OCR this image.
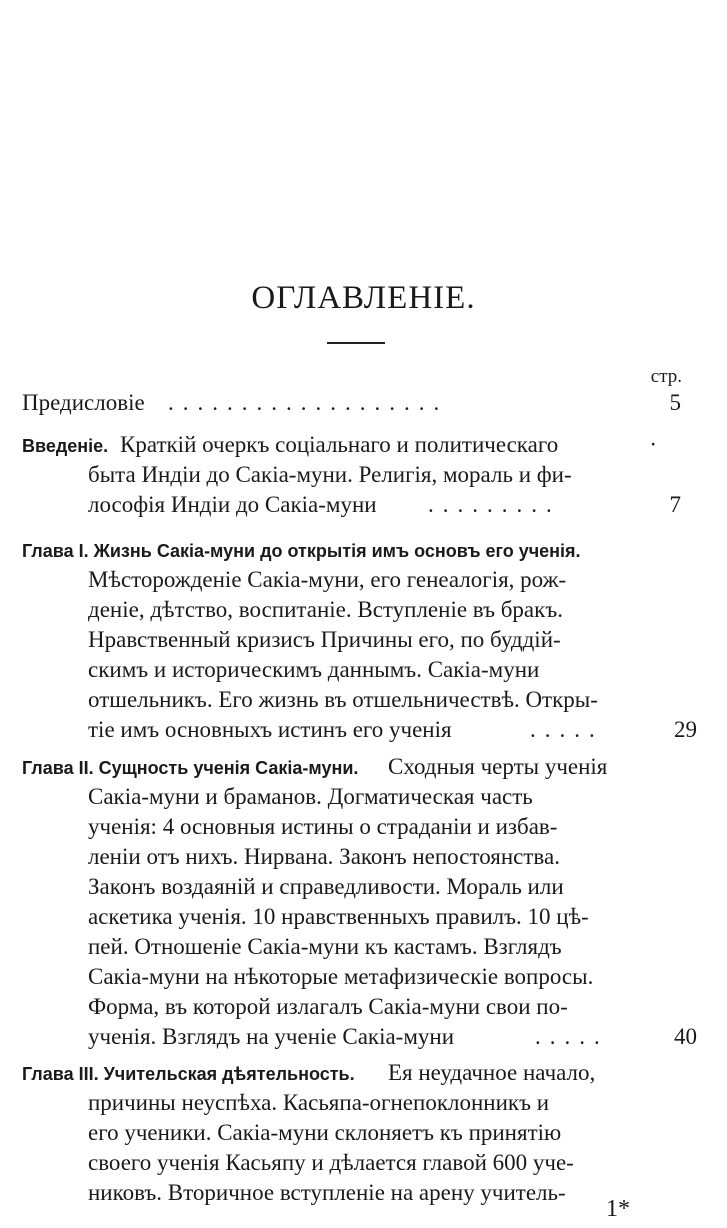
ОГЛАВЛЕНІЕ.
стр.
Предисловіе ...................	5
Введеніе. Краткій очеркъ соціальнаго и политическаго	·
быта Индіи до Сакіа-муни. Религія, мораль и фи-
лософія Индіи до Сакіа-муни .........	7
Глава I. Жизнь Сакіа-муни до открытія имъ основъ его ученія.
Мѣсторожденіе Сакіа-муни, его генеалогія, рож-
деніе, дѣтство, воспитаніе. Вступленіе въ бракъ.
Нравственный кризисъ Причины его, по буддій-
скимъ и историческимъ даннымъ. Сакіа-муни
отшельникъ. Его жизнь въ отшельничествѣ. Откры-
тіе имъ основныхъ истинъ его ученія	.....	29
Глава II. Сущность ученія Сакіа-муни. Сходныя черты ученія
Сакіа-муни и браманов. Догматическая часть
ученія: 4 основныя истины о страданіи и избав-
леніи отъ нихъ. Нирвана. Законъ непостоянства.
Законъ воздаяній и справедливости. Мораль или
аскетика ученія. 10 нравственныхъ правилъ. 10 цѣ-
пей. Отношеніе Сакіа-муни къ кастамъ. Взглядъ
Сакіа-муни на нѣкоторые метафизическіе вопросы.
Форма, въ которой излагалъ Сакіа-муни свои по-
ученія. Взглядъ на ученіе Сакіа-муни	.....	40
Глава III. Учительская дѣятельность. Ея неудачное начало,
причины неуспѣха. Касьяпа-огнепоклонникъ и
его ученики. Сакіа-муни склоняетъ къ принятію
своего ученія Касьяпу и дѣлается главой 600 уче-
никовъ. Вторичное вступленіе на арену учитель-
1*
